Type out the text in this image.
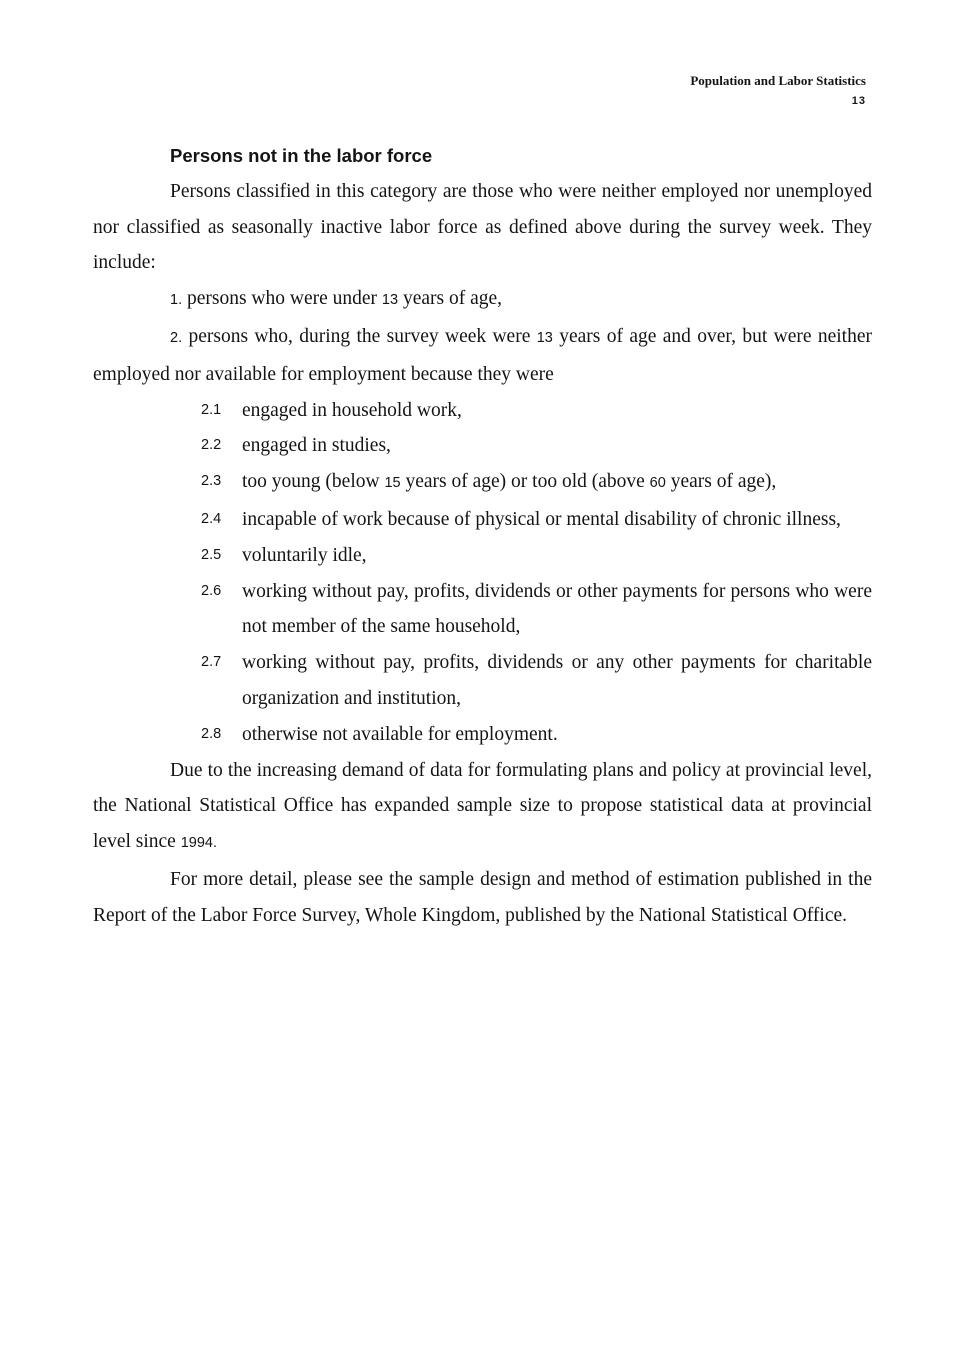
Population and Labor Statistics
13
Persons not in the labor force

Persons classified in this category are those who were neither employed nor unemployed nor classified as seasonally inactive labor force as defined above during the survey week. They include:

1. persons who were under 13 years of age,

2. persons who, during the survey week were 13 years of age and over, but were neither employed nor available for employment because they were

2.1	engaged in household work,
2.2	engaged in studies,
2.3	too young (below 15 years of age) or too old (above 60 years of age),
2.4	incapable of work because of physical or mental disability of chronic illness,
2.5	voluntarily idle,
2.6	working without pay, profits, dividends or other payments for persons who were not member of the same household,
2.7	working without pay, profits, dividends or any other payments for charitable organization and institution,
2.8	otherwise not available for employment.

Due to the increasing demand of data for formulating plans and policy at provincial level, the National Statistical Office has expanded sample size to propose statistical data at provincial level since 1994.

For more detail, please see the sample design and method of estimation published in the Report of the Labor Force Survey, Whole Kingdom, published by the National Statistical Office.
